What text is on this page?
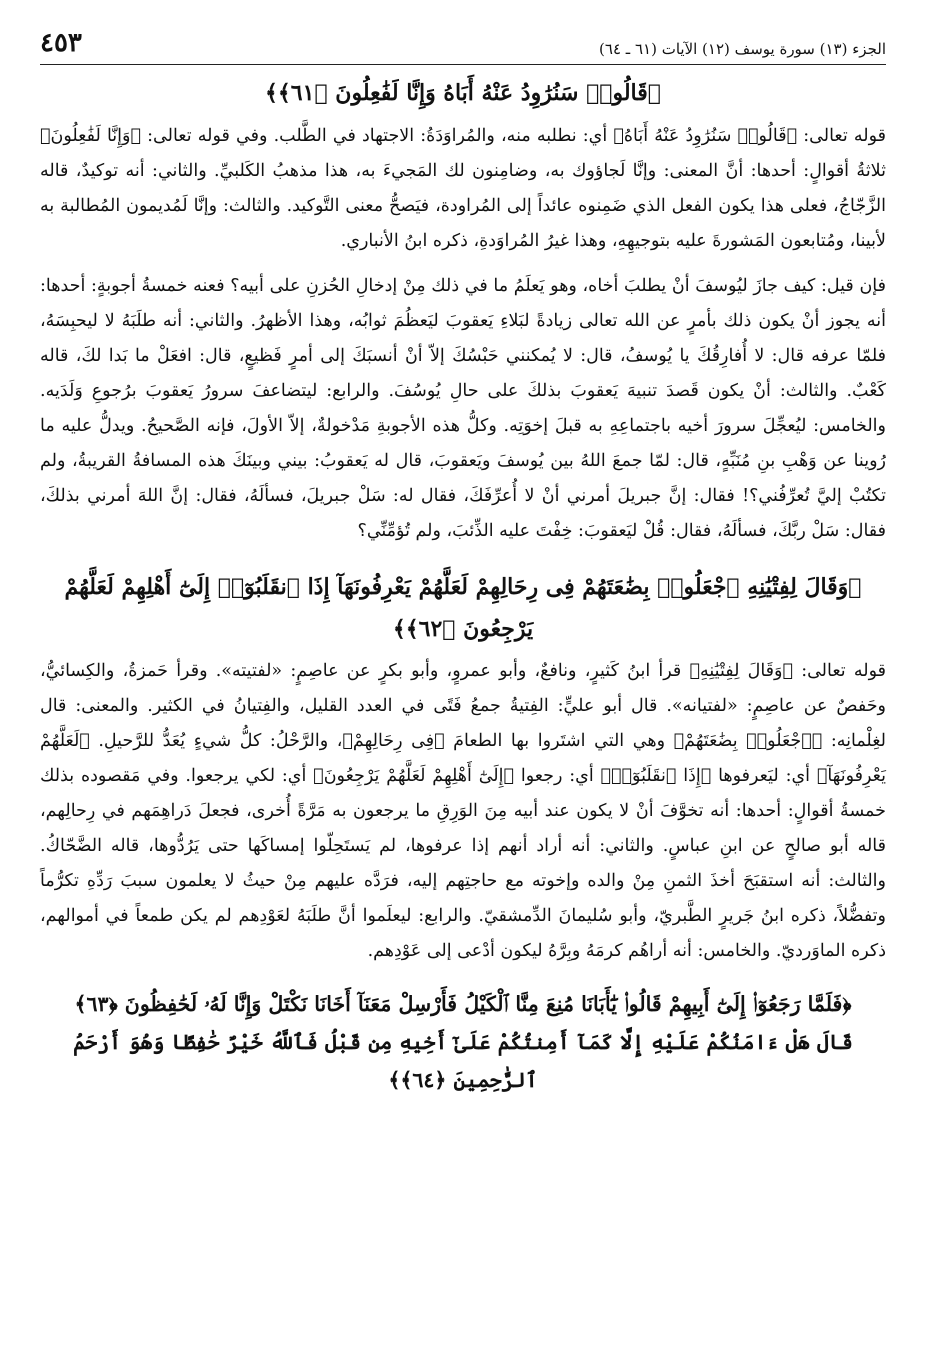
الجزء (١٣) سورة يوسف (١٢) الآيات (٦١ ـ ٦٤)
٤٥٣
﴿قَالُوا۟ سَنُرَٰوِدُ عَنْهُ أَبَاهُ وَإِنَّا لَفَٰعِلُونَ ﴿٦١﴾﴾

قوله تعالى: ﴿قَالُوا۟ سَنُرَٰوِدُ عَنْهُ أَبَاهُ﴾ أي: نطلبه منه، والمُراوَدَةُ: الاجتهاد في الطَّلب. وفي قوله تعالى: ﴿وَإِنَّا لَفَٰعِلُونَ﴾ ثلاثةُ أقوالٍ: أحدها: أنَّ المعنى: وإنَّا لَجاؤوك به، وضامِنون لك المَجيءَ به، هذا مذهبُ الكَلبيِّ. والثاني: أنه توكيدٌ، قاله الزَّجّاجُ، فعلى هذا يكون الفعل الذي ضَمِنوه عائداً إلى المُراودة، فيَصحُّ معنى التَّوكيد. والثالث: وإنَّا لَمُديمون المُطالبة به لأبينا، ومُتابعون المَشورةَ عليه بتوجيهِهِ، وهذا غيرُ المُراوَدةِ، ذكره ابنُ الأنباري.

فإن قيل: كيف جازَ ليُوسفَ أنْ يطلبَ أخاه، وهو يَعلَمُ ما في ذلك مِنْ إدخالِ الحُزنِ على أبيه؟ فعنه خمسةُ أجوبةٍ: أحدها: أنه يجوز أنْ يكون ذلك بأمرٍ عن الله تعالى زيادةً لبَلاءِ يَعقوبَ ليَعظُمَ ثوابُه، وهذا الأظهرُ. والثاني: أنه طلَبَهُ لا ليحبِسَهُ، فلمّا عرفه قال: لا أُفارِقُكَ يا يُوسفُ، قال: لا يُمكنني حَبْسُكَ إلاّ أنْ أنسبَكَ إلى أمرٍ فَظيعٍ، قال: افعَلْ ما بَدا لكَ، قاله كَعْبٌ. والثالث: أنْ يكون قَصدَ تنبيهَ يَعقوبَ بذلكَ على حالِ يُوسُفَ. والرابع: ليتضاعفَ سرورُ يَعقوبَ برُجوعِ وَلَدَيه. والخامس: ليُعجِّلَ سرورَ أخيه باجتماعِهِ به قبلَ إخوَتِه. وكلُّ هذه الأجوبةِ مَدْخولةٌ، إلاّ الأولَ، فإنه الصَّحيحُ. ويدلُّ عليه ما رُوينا عن وَهْبِ بنِ مُنَبِّهٍ، قال: لمّا جمعَ اللهُ بين يُوسفَ ويَعقوبَ، قال له يَعقوبُ: بيني وبينَكَ هذه المسافةُ القريبةُ، ولم تكتُبْ إليَّ تُعرِّفُني؟! فقال: إنَّ جبريلَ أمرني أنْ لا أُعرِّفَكَ، فقال له: سَلْ جبريلَ، فسألَهُ، فقال: إنَّ اللهَ أمرني بذلكَ، فقال: سَلْ ربَّكَ، فسألَهُ، فقال: قُلْ ليَعقوبَ: خِفْتَ عليه الذِّئبَ، ولم تُؤمِّنِّي؟

﴿وَقَالَ لِفِتْيَٰنِهِ ٱجْعَلُوا۟ بِضَٰعَتَهُمْ فِى رِحَالِهِمْ لَعَلَّهُمْ يَعْرِفُونَهَآ إِذَا ٱنقَلَبُوٓا۟ إِلَىٰٓ أَهْلِهِمْ لَعَلَّهُمْ يَرْجِعُونَ ﴿٦٢﴾﴾

قوله تعالى: ﴿وَقَالَ لِفِتْيَٰنِهِ﴾ قرأ ابنُ كَثيرٍ، ونافعٌ، وأبو عمروٍ، وأبو بكرٍ عن عاصِمٍ: «لفتيته». وقرأ حَمزةُ، والكِسائيُّ، وحَفصٌ عن عاصِمٍ: «لفتيانه». قال أبو عليٍّ: الفِتيةُ جمعُ فَتًى في العدد القليل، والفِتيانُ في الكثير. والمعنى: قال لغِلْمانِه: ﴿ٱجْعَلُوا۟ بِضَٰعَتَهُمْ﴾ وهي التي اشتَروا بها الطعامَ ﴿فِى رِحَالِهِمْ﴾، والرَّحْلُ: كلُّ شيءٍ يُعَدُّ للرَّحيلِ. ﴿لَعَلَّهُمْ يَعْرِفُونَهَآ﴾ أي: ليَعرفوها ﴿إِذَا ٱنقَلَبُوٓا۟﴾ أي: رجعوا ﴿إِلَىٰٓ أَهْلِهِمْ لَعَلَّهُمْ يَرْجِعُونَ﴾ أي: لكي يرجعوا. وفي مَقصوده بذلك خمسةُ أقوالٍ: أحدها: أنه تخوَّفَ أنْ لا يكون عند أبيه مِنَ الوَرِقِ ما يرجعون به مَرَّةً أُخرى، فجعلَ دَراهِمَهم في رِحالِهم، قاله أبو صالحٍ عن ابنِ عباسٍ. والثاني: أنه أراد أنهم إذا عرفوها، لم يَستَحِلّوا إمساكَها حتى يَرُدُّوها، قاله الضَّحّاكُ. والثالث: أنه استقبَحَ أخذَ الثمنِ مِنْ والده وإخوته مع حاجتِهم إليه، فرَدَّه عليهم مِنْ حيثُ لا يعلمون سببَ رَدِّهِ تكرُّماً وتفضُّلاً، ذكره ابنُ جَريرٍ الطَّبريّ، وأبو سُليمانَ الدِّمشقيّ. والرابع: ليعلَموا أنَّ طلَبَهُ لعَوْدِهم لم يكن طمعاً في أموالهم، ذكره الماوَرديّ. والخامس: أنه أراهُم كرمَهُ وبِرَّهُ ليكون أدْعى إلى عَوْدِهم.

﴿فَلَمَّا رَجَعُوٓا۟ إِلَىٰٓ أَبِيهِمْ قَالُوا۟ يَٰٓأَبَانَا مُنِعَ مِنَّا ٱلْكَيْلُ فَأَرْسِلْ مَعَنَآ أَخَانَا نَكْتَلْ وَإِنَّا لَهُۥ لَحَٰفِظُونَ ﴿٦٣﴾
قَالَ هَلْ ءَامَنُكُمْ عَلَيْهِ إِلَّا كَمَآ أَمِنتُكُمْ عَلَىٰٓ أَخِيهِ مِن قَبْلُ فَٱللَّهُ خَيْرٌ حَٰفِظًا وَهُوَ أَرْحَمُ ٱلرَّٰحِمِينَ ﴿٦٤﴾﴾
